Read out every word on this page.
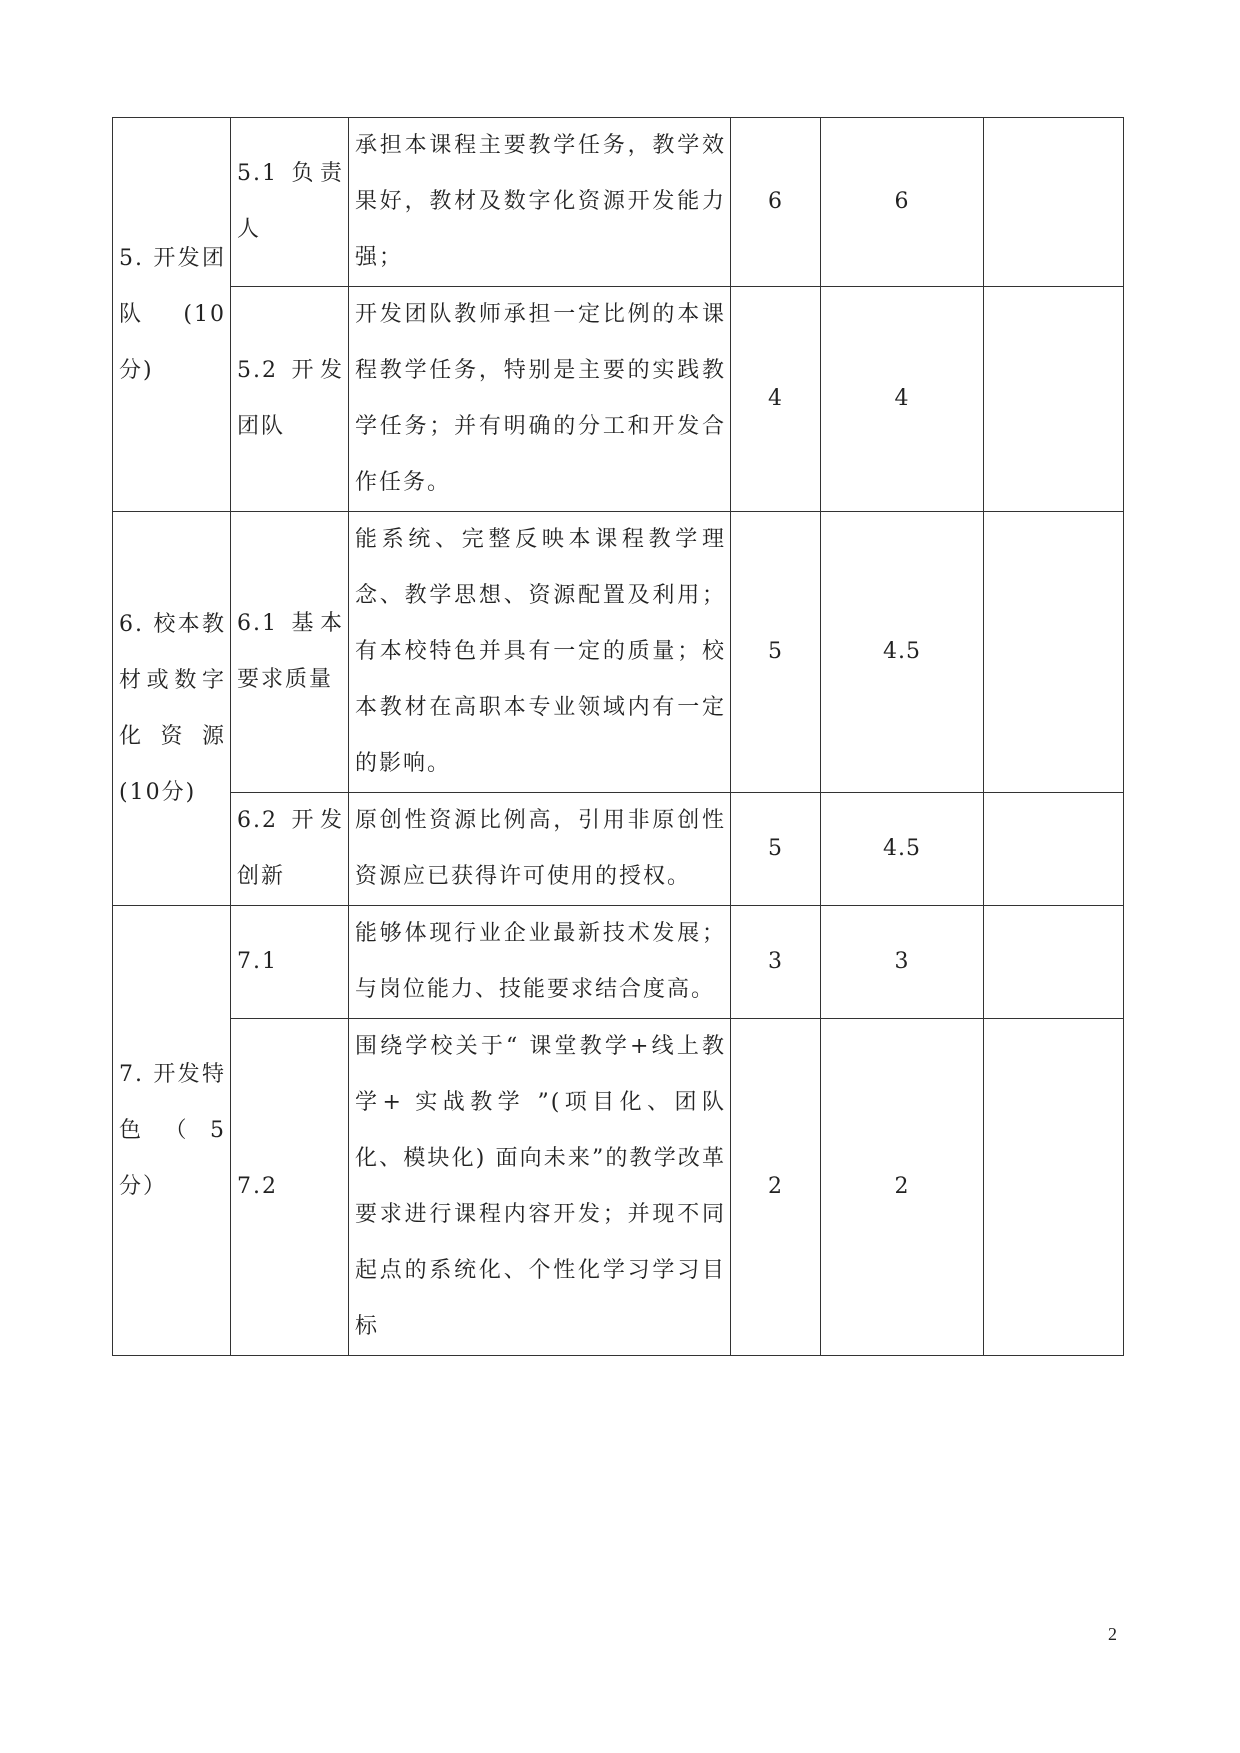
5. 开发团队(10 分)	5.1 负责人	承担本课程主要教学任务，教学效果好，教材及数字化资源开发能力强；	6	6	

	5.2 开发团队	开发团队教师承担一定比例的本课程教学任务，特别是主要的实践教学任务；并有明确的分工和开发合作任务。	4	4	

6. 校本教材或数字化资源(10分)	6.1 基本要求质量	能系统、完整反映本课程教学理念、教学思想、资源配置及利用；有本校特色并具有一定的质量；校本教材在高职本专业领域内有一定的影响。	5	4.5	

	6.2 开发创新	原创性资源比例高，引用非原创性资源应已获得许可使用的授权。	5	4.5	

7. 开发特色（5 分）	7.1	能够体现行业企业最新技术发展；与岗位能力、技能要求结合度高。	3	3	

	7.2	围绕学校关于“ 课堂教学+线上教学+ 实战教学 ”(项目化、团队化、模块化) 面向未来”的教学改革要求进行课程内容开发；并现不同起点的系统化、个性化学习学习目标	2	2	
2
